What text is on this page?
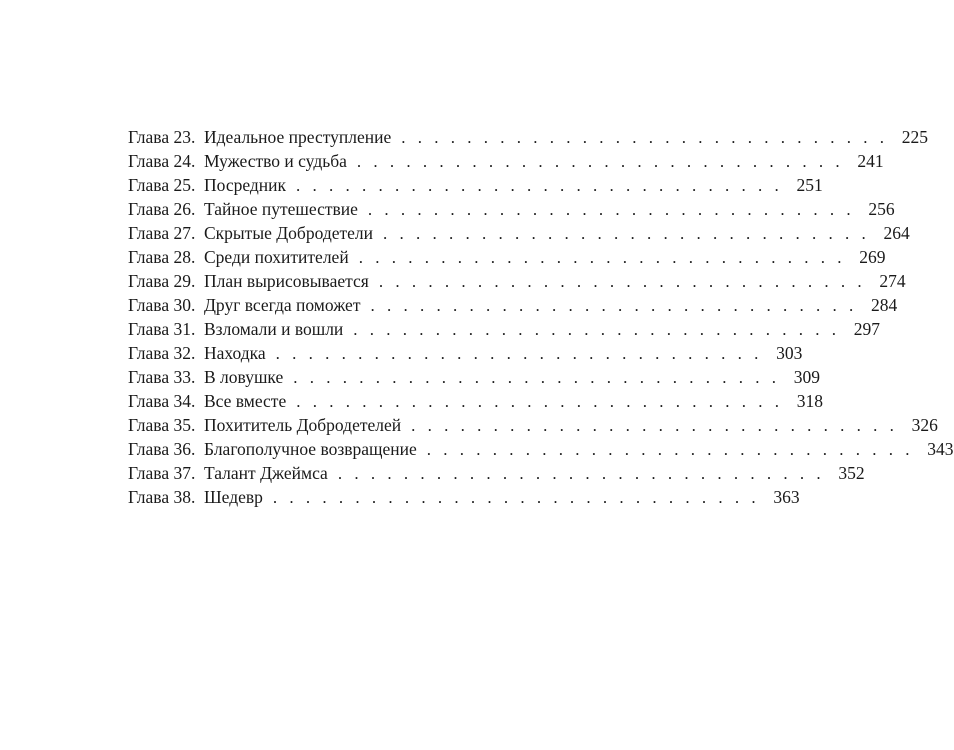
Глава 23. Идеальное преступление . . . . . . . . . . . . . . . . . . . . . . . . . . . . . . 225
Глава 24. Мужество и судьба . . . . . . . . . . . . . . . . . . . . . . . . . . . . . . 241
Глава 25. Посредник . . . . . . . . . . . . . . . . . . . . . . . . . . . . . . 251
Глава 26. Тайное путешествие . . . . . . . . . . . . . . . . . . . . . . . . . . . . . . 256
Глава 27. Скрытые Добродетели . . . . . . . . . . . . . . . . . . . . . . . . . . . . . . 264
Глава 28. Среди похитителей . . . . . . . . . . . . . . . . . . . . . . . . . . . . . . 269
Глава 29. План вырисовывается . . . . . . . . . . . . . . . . . . . . . . . . . . . . . . 274
Глава 30. Друг всегда поможет . . . . . . . . . . . . . . . . . . . . . . . . . . . . . . 284
Глава 31. Взломали и вошли . . . . . . . . . . . . . . . . . . . . . . . . . . . . . . 297
Глава 32. Находка . . . . . . . . . . . . . . . . . . . . . . . . . . . . . . 303
Глава 33. В ловушке . . . . . . . . . . . . . . . . . . . . . . . . . . . . . . 309
Глава 34. Все вместе . . . . . . . . . . . . . . . . . . . . . . . . . . . . . . 318
Глава 35. Похититель Добродетелей . . . . . . . . . . . . . . . . . . . . . . . . . . . . . . 326
Глава 36. Благополучное возвращение . . . . . . . . . . . . . . . . . . . . . . . . . . . . . . 343
Глава 37. Талант Джеймса . . . . . . . . . . . . . . . . . . . . . . . . . . . . . . 352
Глава 38. Шедевр . . . . . . . . . . . . . . . . . . . . . . . . . . . . . . 363
